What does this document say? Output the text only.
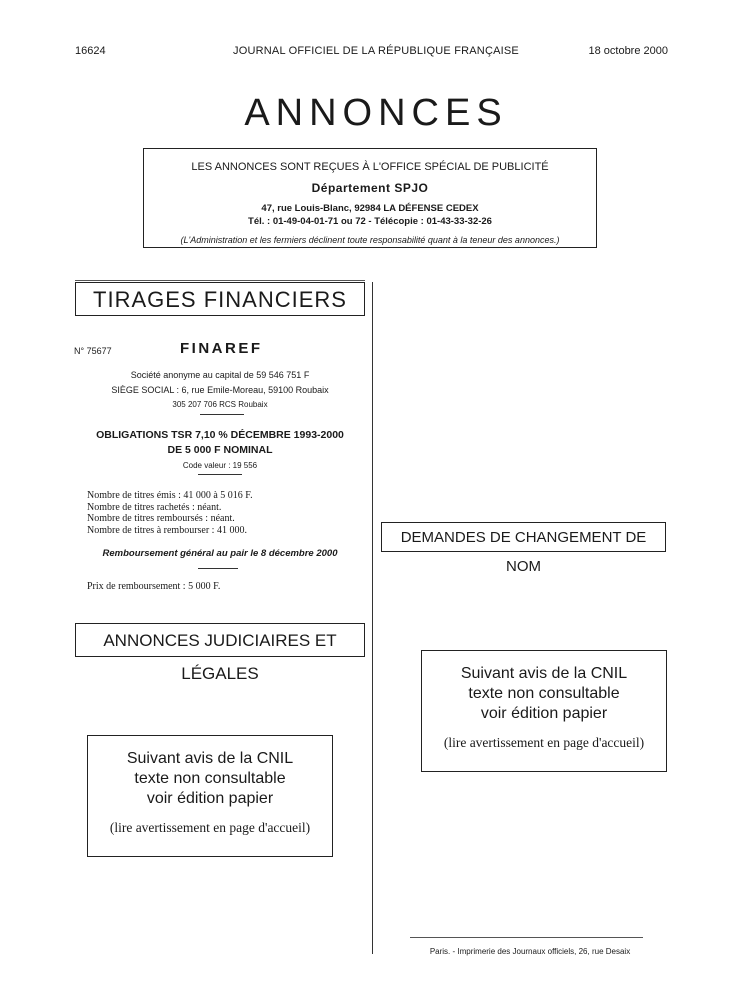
16624	JOURNAL OFFICIEL DE LA RÉPUBLIQUE FRANÇAISE	18 octobre 2000
ANNONCES
LES ANNONCES SONT REÇUES À L'OFFICE SPÉCIAL DE PUBLICITÉ
Département SPJO
47, rue Louis-Blanc, 92984 LA DÉFENSE CEDEX
Tél. : 01-49-04-01-71 ou 72 - Télécopie : 01-43-33-32-26
(L'Administration et les fermiers déclinent toute responsabilité quant à la teneur des annonces.)
TIRAGES FINANCIERS
N° 75677	FINAREF
Société anonyme au capital de 59 546 751 F
SIÈGE SOCIAL : 6, rue Emile-Moreau, 59100 Roubaix
305 207 706 RCS Roubaix
OBLIGATIONS TSR 7,10 % DÉCEMBRE 1993-2000
DE 5 000 F NOMINAL
Code valeur : 19 556
Nombre de titres émis : 41 000 à 5 016 F.
Nombre de titres rachetés : néant.
Nombre de titres remboursés : néant.
Nombre de titres à rembourser : 41 000.
Remboursement général au pair le 8 décembre 2000
Prix de remboursement : 5 000 F.
ANNONCES JUDICIAIRES ET LÉGALES
Suivant avis de la CNIL
texte non consultable
voir édition papier
(lire avertissement en page d'accueil)
DEMANDES DE CHANGEMENT DE NOM
Suivant avis de la CNIL
texte non consultable
voir édition papier
(lire avertissement en page d'accueil)
Paris. - Imprimerie des Journaux officiels, 26, rue Desaix
